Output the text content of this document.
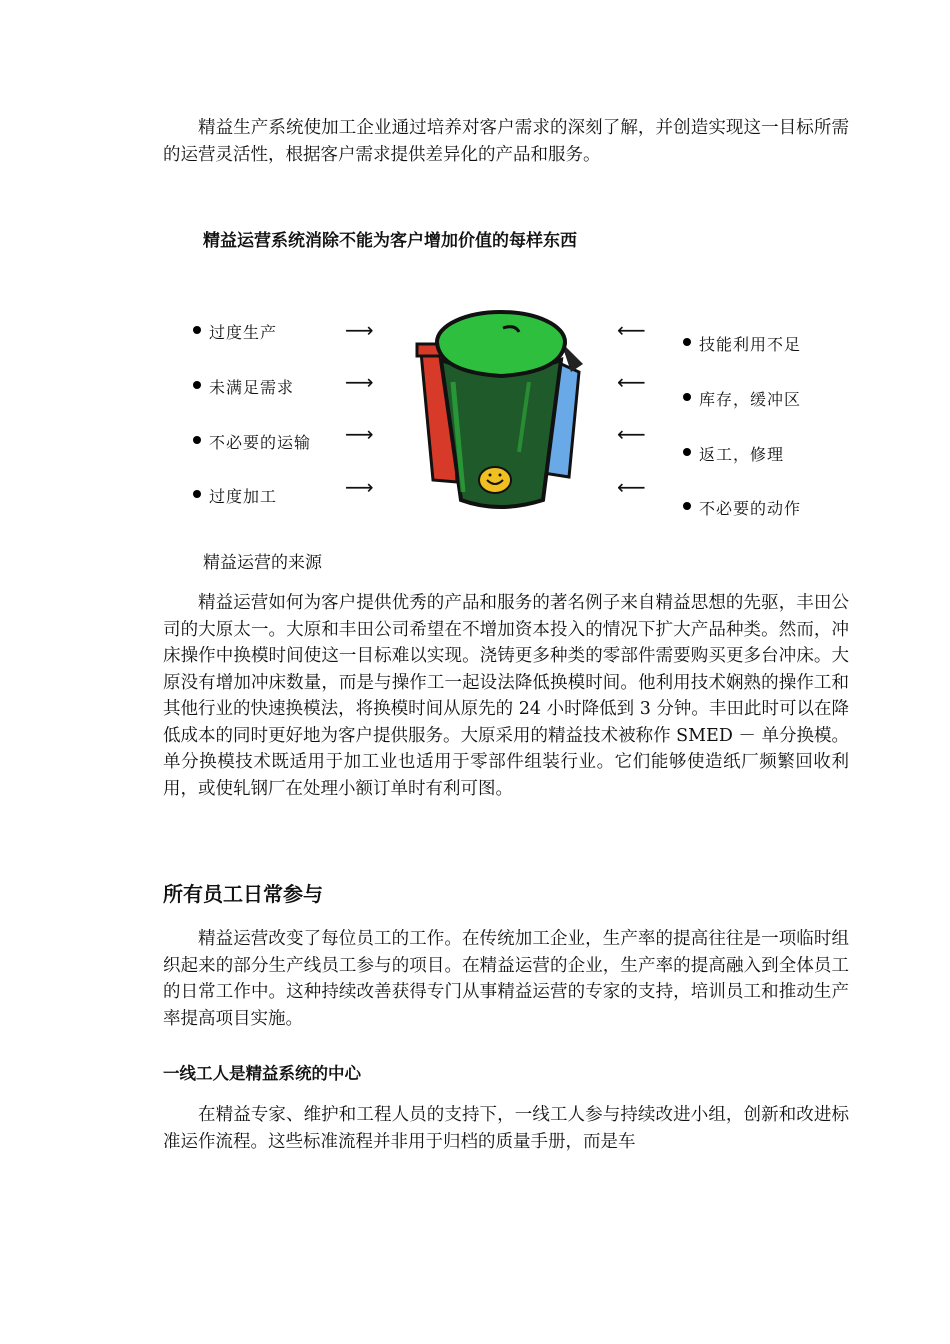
精益生产系统使加工企业通过培养对客户需求的深刻了解，并创造实现这一目标所需的运营灵活性，根据客户需求提供差异化的产品和服务。

精益运营系统消除不能为客户增加价值的每样东西

精益运营的来源

精益运营如何为客户提供优秀的产品和服务的著名例子来自精益思想的先驱，丰田公司的大原太一。大原和丰田公司希望在不增加资本投入的情况下扩大产品种类。然而，冲床操作中换模时间使这一目标难以实现。浇铸更多种类的零部件需要购买更多台冲床。大原没有增加冲床数量，而是与操作工一起设法降低换模时间。他利用技术娴熟的操作工和其他行业的快速换模法，将换模时间从原先的 24 小时降低到 3 分钟。丰田此时可以在降低成本的同时更好地为客户提供服务。大原采用的精益技术被称作 SMED － 单分换模。单分换模技术既适用于加工业也适用于零部件组装行业。它们能够使造纸厂频繁回收利用，或使轧钢厂在处理小额订单时有利可图。

所有员工日常参与

精益运营改变了每位员工的工作。在传统加工企业，生产率的提高往往是一项临时组织起来的部分生产线员工参与的项目。在精益运营的企业，生产率的提高融入到全体员工的日常工作中。这种持续改善获得专门从事精益运营的专家的支持，培训员工和推动生产率提高项目实施。

一线工人是精益系统的中心

在精益专家、维护和工程人员的支持下，一线工人参与持续改进小组，创新和改进标准运作流程。这些标准流程并非用于归档的质量手册，而是车

过度生产
未满足需求
不必要的运输
过度加工
⟶
⟶
⟶
⟶
⟵
⟵
⟵
⟵
技能利用不足
库存，缓冲区
返工，修理
不必要的动作
